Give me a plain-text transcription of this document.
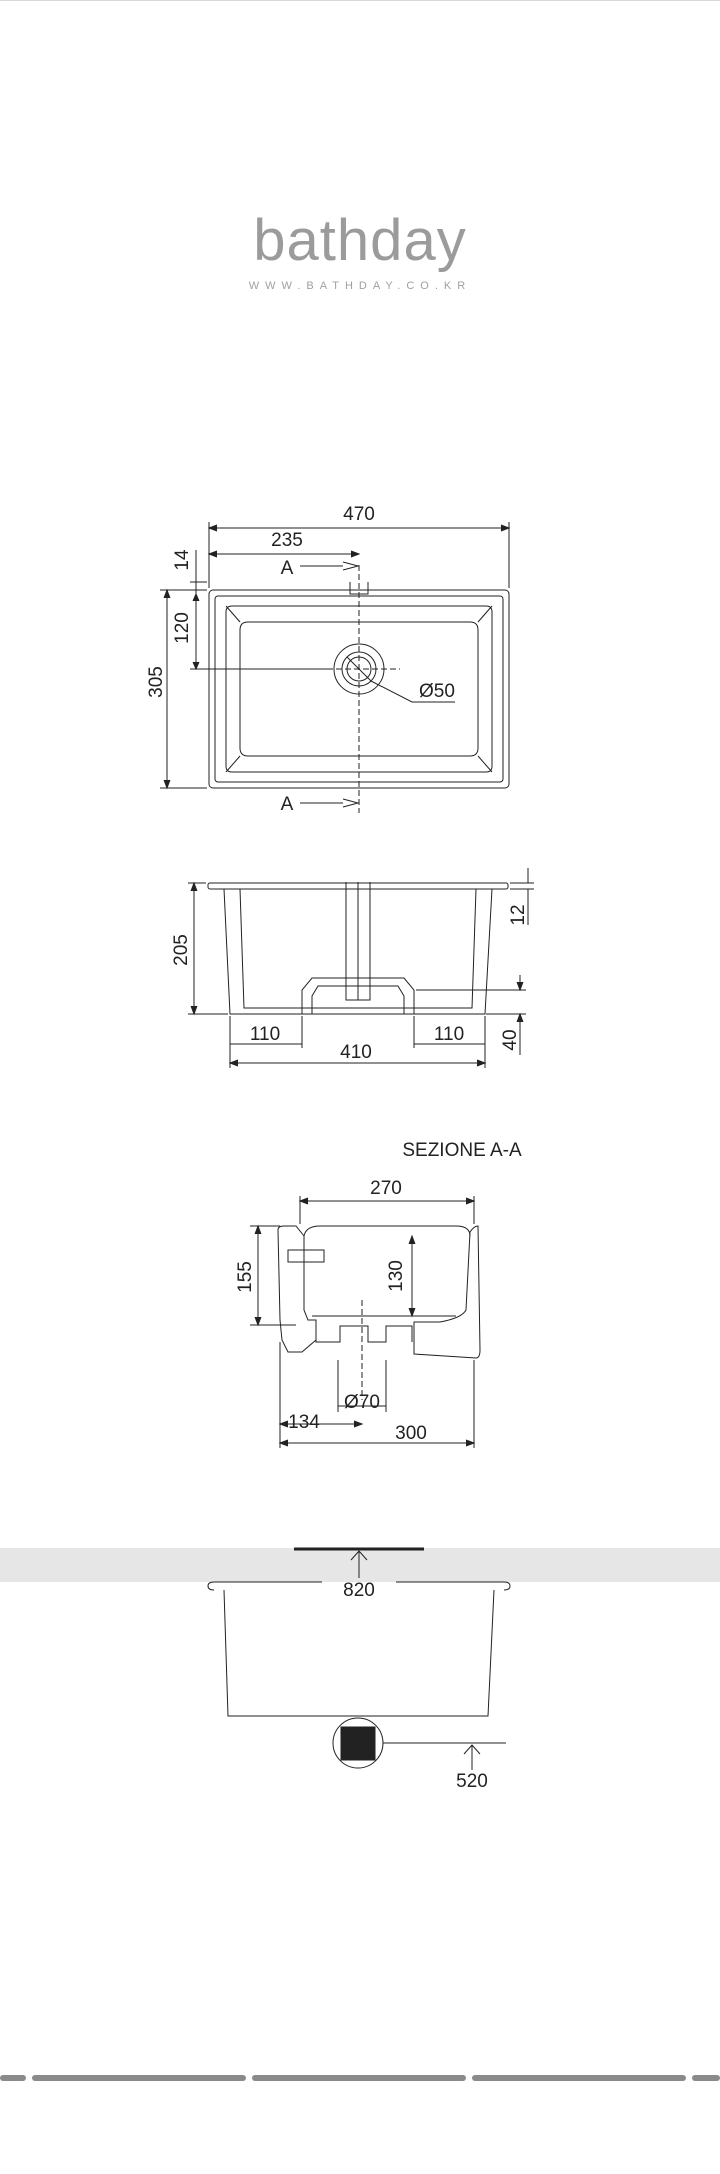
bathday
WWW.BATHDAY.CO.KR
470
235
A
A
Ø50
305
120
14
205
12
40
110	110
410
SEZIONE A-A
270
155	130
Ø70
134
300
820
520
